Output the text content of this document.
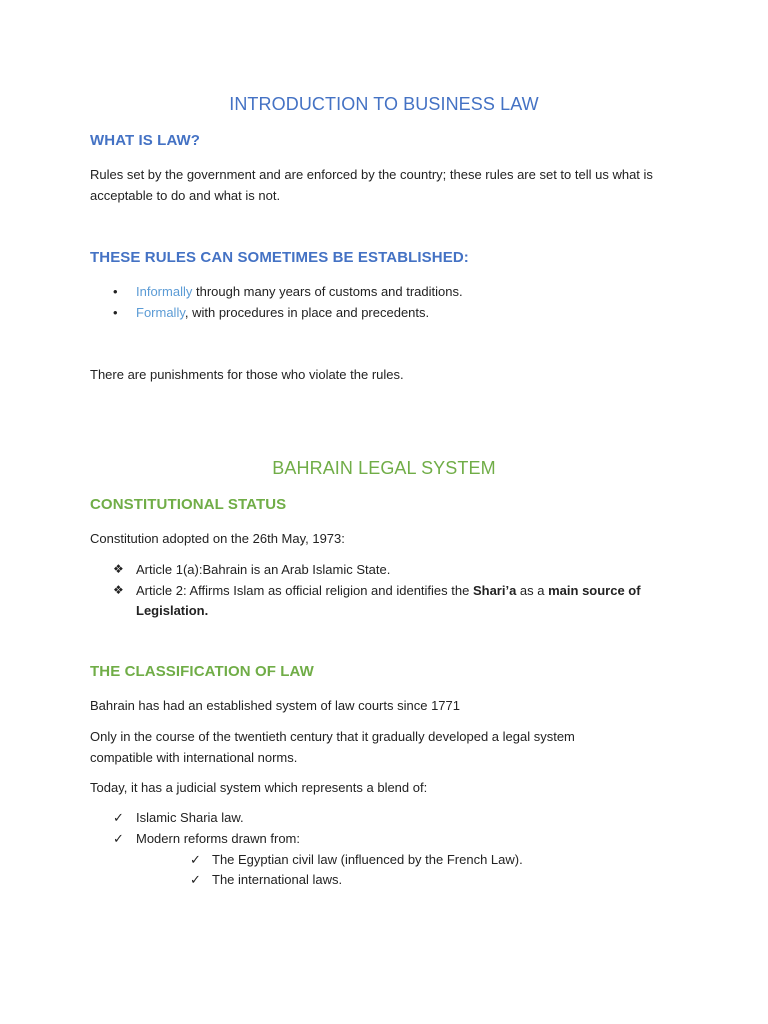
INTRODUCTION TO BUSINESS LAW
WHAT IS LAW?

Rules set by the government and are enforced by the country; these rules are set to tell us what is acceptable to do and what is not.

THESE RULES CAN SOMETIMES BE ESTABLISHED:
• Informally through many years of customs and traditions.

• Formally, with procedures in place and precedents.

There are punishments for those who violate the rules.

BAHRAIN LEGAL SYSTEM
CONSTITUTIONAL STATUS

Constitution adopted on the 26th May, 1973:

❖ Article 1(a):Bahrain is an Arab Islamic State.

❖ Article 2: Affirms Islam as official religion and identifies the Shari’a as a main source of

Legislation.

THE CLASSIFICATION OF LAW

Bahrain has had an established system of law courts since 1771

Only in the course of the twentieth century that it gradually developed a legal system

compatible with international norms.

Today, it has a judicial system which represents a blend of:

✓ Islamic Sharia law.

✓ Modern reforms drawn from:

✓ The Egyptian civil law (influenced by the French Law).

✓ The international laws.
